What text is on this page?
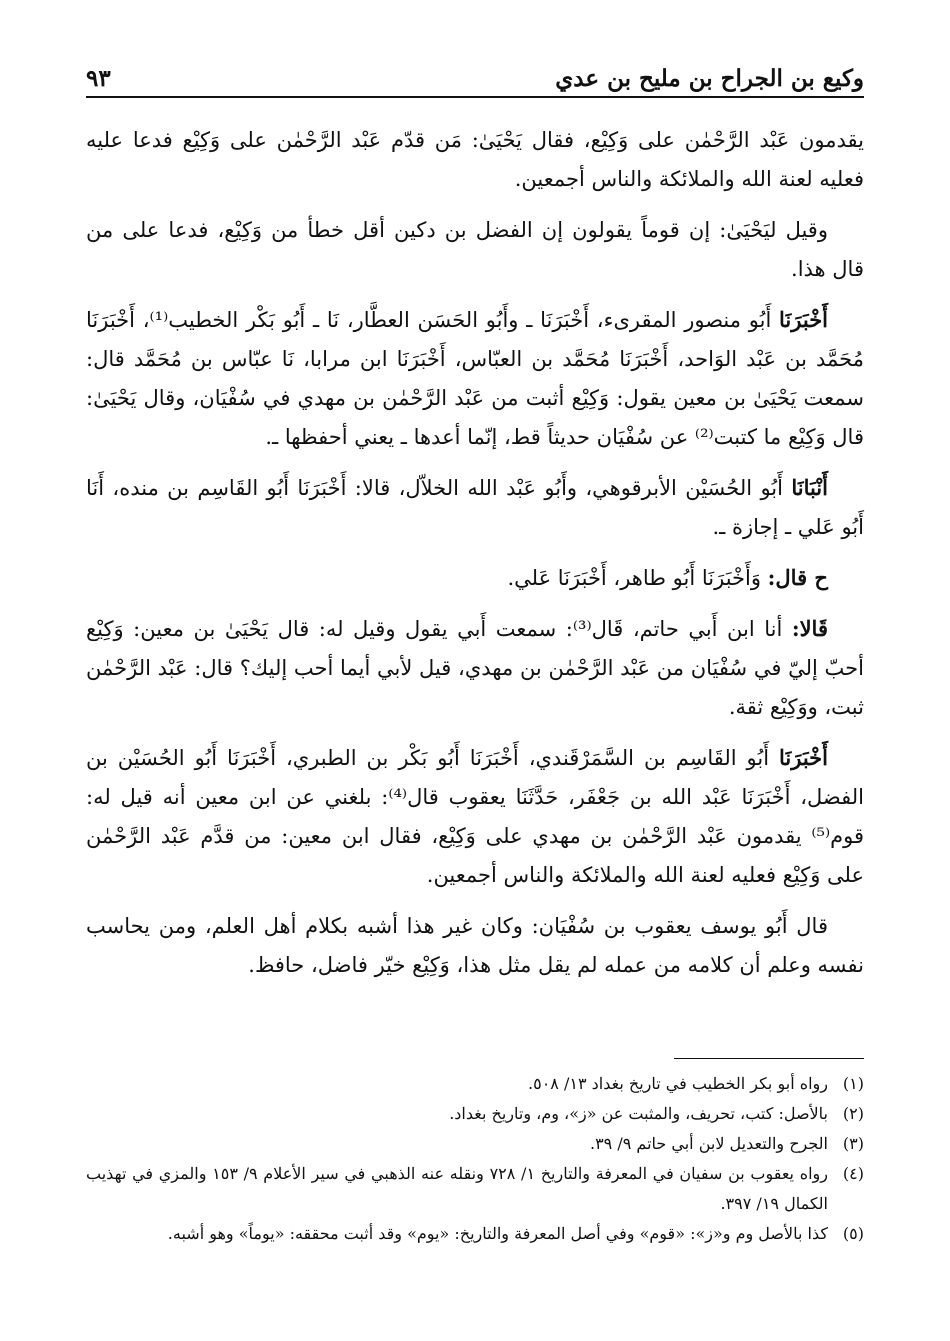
وكيع بن الجراح بن مليح بن عدي
٩٣

يقدمون عَبْد الرَّحْمٰن على وَكِيْع، فقال يَحْيَىٰ: مَن قدّم عَبْد الرَّحْمٰن على وَكِيْع فدعا عليه فعليه لعنة الله والملائكة والناس أجمعين.

وقيل ليَحْيَىٰ: إن قوماً يقولون إن الفضل بن دكين أقل خطأ من وَكِيْع، فدعا على من قال هذا.

أَخْبَرَنَا أَبُو منصور المقرىء، أَخْبَرَنَا ـ وأَبُو الحَسَن العطَّار، نَا ـ أَبُو بَكْر الخطيب⁽¹⁾، أَخْبَرَنَا مُحَمَّد بن عَبْد الوَاحد، أَخْبَرَنَا مُحَمَّد بن العبّاس، أَخْبَرَنَا ابن مرابا، نَا عبّاس بن مُحَمَّد قال: سمعت يَحْيَىٰ بن معين يقول: وَكِيْع أثبت من عَبْد الرَّحْمٰن بن مهدي في سُفْيَان، وقال يَحْيَىٰ: قال وَكِيْع ما كتبت⁽²⁾ عن سُفْيَان حديثاً قط، إنّما أعدها ـ يعني أحفظها ـ.

أَنْبَانَا أَبُو الحُسَيْن الأبرقوهي، وأَبُو عَبْد الله الخلاّل، قالا: أَخْبَرَنَا أَبُو القَاسِم بن منده، أَنَا أَبُو عَلي ـ إجازة ـ.

ح قال: وَأَخْبَرَنَا أَبُو طاهر، أَخْبَرَنَا عَلي.

قَالا: أنا ابن أَبي حاتم، قَال⁽³⁾: سمعت أَبي يقول وقيل له: قال يَحْيَىٰ بن معين: وَكِيْع أحبّ إليّ في سُفْيَان من عَبْد الرَّحْمٰن بن مهدي، قيل لأبي أيما أحب إليك؟ قال: عَبْد الرَّحْمٰن ثبت، ووَكِيْع ثقة.

أَخْبَرَنَا أَبُو القَاسِم بن السَّمَرْقَندي، أَخْبَرَنَا أَبُو بَكْر بن الطبري، أَخْبَرَنَا أَبُو الحُسَيْن بن الفضل، أَخْبَرَنَا عَبْد الله بن جَعْفَر، حَدَّثَنَا يعقوب قال⁽⁴⁾: بلغني عن ابن معين أنه قيل له: قوم⁽⁵⁾ يقدمون عَبْد الرَّحْمٰن بن مهدي على وَكِيْع، فقال ابن معين: من قدَّم عَبْد الرَّحْمٰن على وَكِيْع فعليه لعنة الله والملائكة والناس أجمعين.

قال أَبُو يوسف يعقوب بن سُفْيَان: وكان غير هذا أشبه بكلام أهل العلم، ومن يحاسب نفسه وعلم أن كلامه من عمله لم يقل مثل هذا، وَكِيْع خيّر فاضل، حافظ.

(١)
رواه أبو بكر الخطيب في تاريخ بغداد ١٣/ ٥٠٨.

(٢)
بالأصل: كتب، تحريف، والمثبت عن «ز»، وم، وتاريخ بغداد.

(٣)
الجرح والتعديل لابن أبي حاتم ٩/ ٣٩.

(٤)
رواه يعقوب بن سفيان في المعرفة والتاريخ ١/ ٧٢٨ ونقله عنه الذهبي في سير الأعلام ٩/ ١٥٣ والمزي في تهذيب الكمال ١٩/ ٣٩٧.

(٥)
كذا بالأصل وم و«ز»: «قوم» وفي أصل المعرفة والتاريخ: «يوم» وقد أثبت محققه: «يوماً» وهو أشبه.
